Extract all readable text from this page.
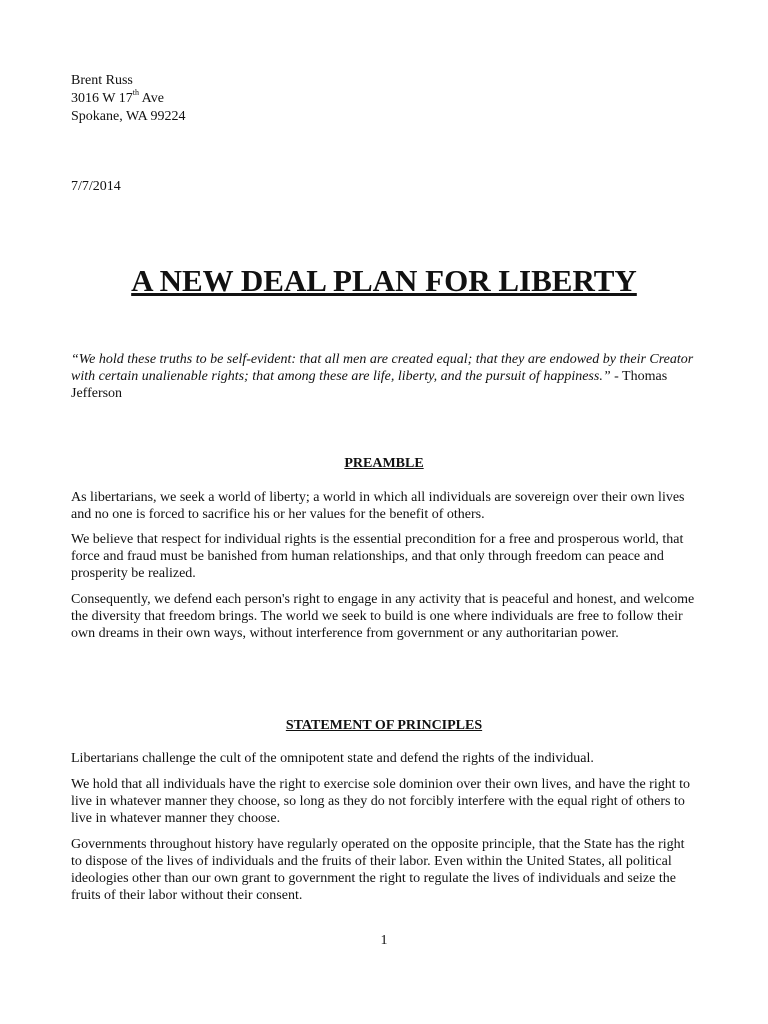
Brent Russ
3016 W 17th Ave
Spokane, WA 99224
7/7/2014
A NEW DEAL PLAN FOR LIBERTY
“We hold these truths to be self-evident: that all men are created equal; that they are endowed by their Creator with certain unalienable rights; that among these are life, liberty, and the pursuit of happiness.” - Thomas Jefferson
PREAMBLE
As libertarians, we seek a world of liberty; a world in which all individuals are sovereign over their own lives and no one is forced to sacrifice his or her values for the benefit of others.
We believe that respect for individual rights is the essential precondition for a free and prosperous world, that force and fraud must be banished from human relationships, and that only through freedom can peace and prosperity be realized.
Consequently, we defend each person's right to engage in any activity that is peaceful and honest, and welcome the diversity that freedom brings. The world we seek to build is one where individuals are free to follow their own dreams in their own ways, without interference from government or any authoritarian power.
STATEMENT OF PRINCIPLES
Libertarians challenge the cult of the omnipotent state and defend the rights of the individual.
We hold that all individuals have the right to exercise sole dominion over their own lives, and have the right to live in whatever manner they choose, so long as they do not forcibly interfere with the equal right of others to live in whatever manner they choose.
Governments throughout history have regularly operated on the opposite principle, that the State has the right to dispose of the lives of individuals and the fruits of their labor. Even within the United States, all political ideologies other than our own grant to government the right to regulate the lives of individuals and seize the fruits of their labor without their consent.
1
